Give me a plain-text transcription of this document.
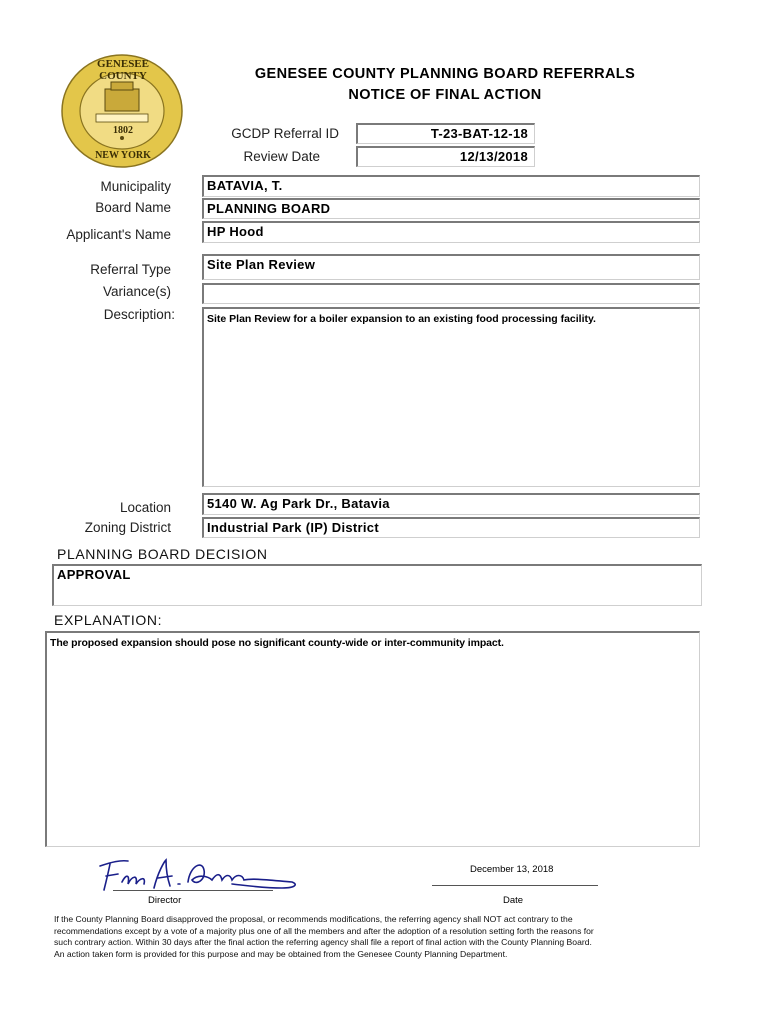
GENESEE COUNTY
1802
NEW YORK
GENESEE COUNTY PLANNING BOARD REFERRALS
NOTICE OF FINAL ACTION
GCDP Referral ID	T-23-BAT-12-18
Review Date	12/13/2018
Municipality	BATAVIA, T.
Board Name	PLANNING BOARD
Applicant's Name	HP Hood
Referral Type	Site Plan Review
Variance(s)
Description:	Site Plan Review for a boiler expansion to an existing food processing facility.
Location	5140 W. Ag Park Dr., Batavia
Zoning District	Industrial Park (IP) District
PLANNING BOARD DECISION
APPROVAL
EXPLANATION:
The proposed expansion should pose no significant county-wide or inter-community impact.
Director
December 13, 2018
Date
If the County Planning Board disapproved the proposal, or recommends modifications, the referring agency shall NOT act contrary to the
recommendations except by a vote of a majority plus one of all the members and after the adoption of a resolution setting forth the reasons for
such contrary action. Within 30 days after the final action the referring agency shall file a report of final action with the County Planning Board.
An action taken form is provided for this purpose and may be obtained from the Genesee County Planning Department.
